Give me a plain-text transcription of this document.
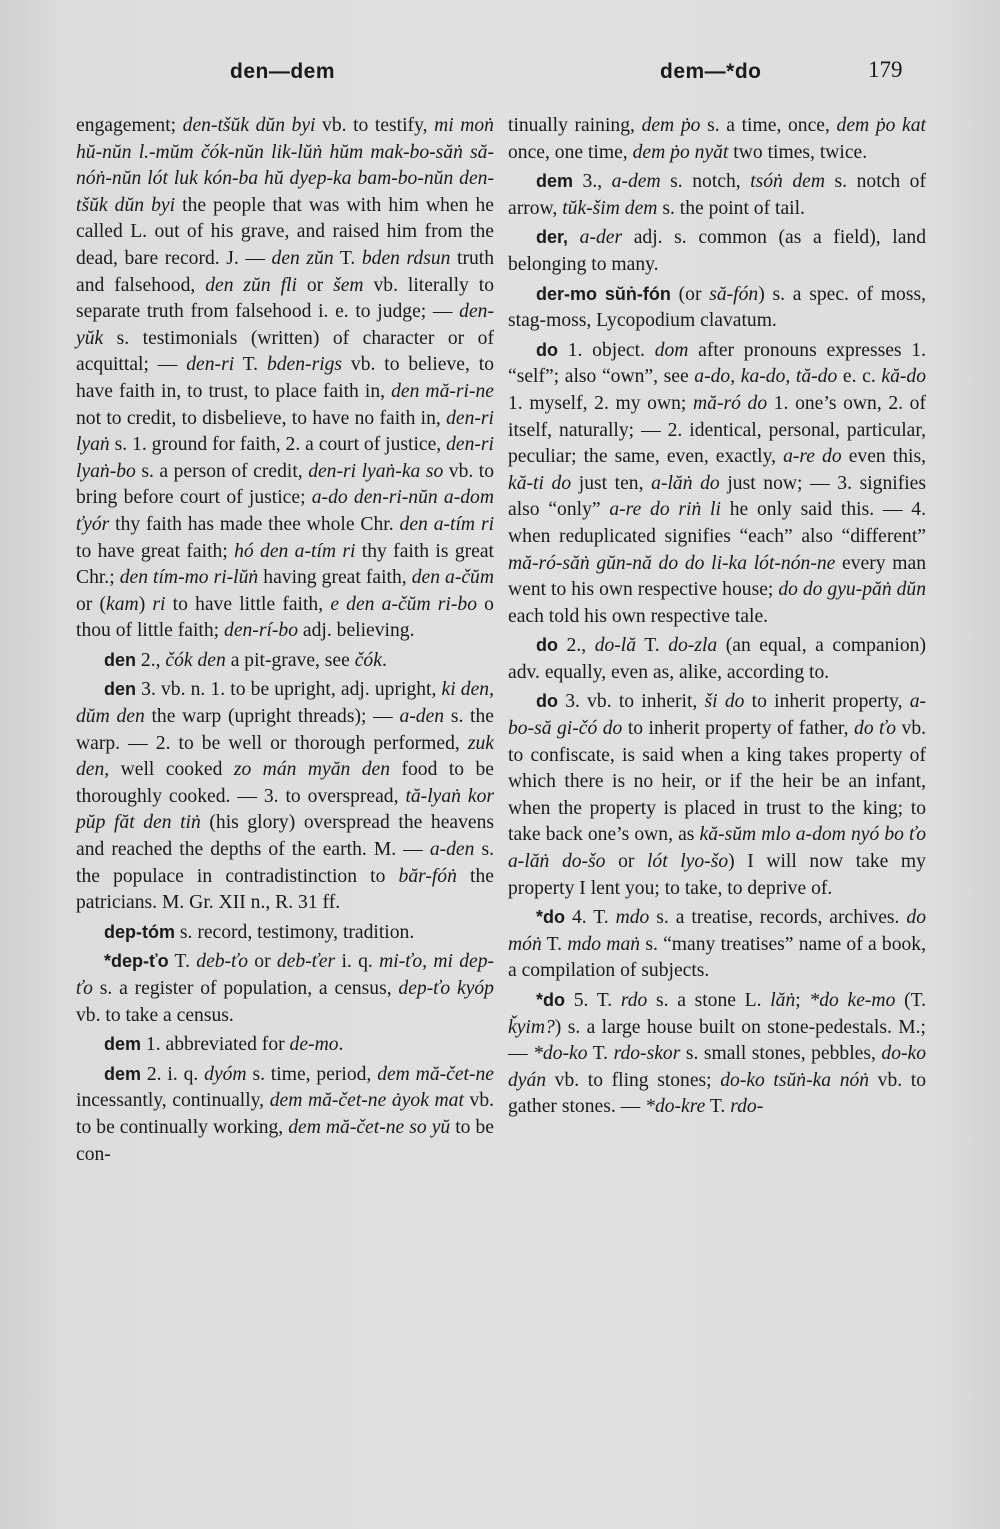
den—dem	dem—*do	179

engagement; den-tšŭk dŭn byi vb. to testify, mi moṅ hŭ-nŭn l.-mŭm čók-nŭn lik-lŭṅ hŭm mak-bo-săṅ să-nóṅ-nŭn lót luk kón-ba hŭ dyep-ka bam-bo-nŭn den-tšŭk dŭn byi the people that was with him when he called L. out of his grave, and raised him from the dead, bare record. J. — den zŭn T. bden rdsun truth and falsehood, den zŭn fli or šem vb. literally to separate truth from falsehood i. e. to judge; — den-yŭk s. testimonials (written) of character or of acquittal; — den-ri T. bden-rigs vb. to believe, to have faith in, to trust, to place faith in, den mă-ri-ne not to credit, to disbelieve, to have no faith in, den-ri lyaṅ s. 1. ground for faith, 2. a court of justice, den-ri lyaṅ-bo s. a person of credit, den-ri lyaṅ-ka so vb. to bring before court of justice; a-do den-ri-nŭn a-dom ťyór thy faith has made thee whole Chr. den a-tím ri to have great faith; hó den a-tím ri thy faith is great Chr.; den tím-mo ri-lŭṅ having great faith, den a-čŭm or (kam) ri to have little faith, e den a-čŭm ri-bo o thou of little faith; den-rí-bo adj. believing.

den 2., čók den a pit-grave, see čók.

den 3. vb. n. 1. to be upright, adj. upright, ki den, dŭm den the warp (upright threads); — a-den s. the warp. — 2. to be well or thorough performed, zuk den, well cooked zo mán myăn den food to be thoroughly cooked. — 3. to overspread, tă-lyaṅ kor pŭp făt den tiṅ (his glory) overspread the heavens and reached the depths of the earth. M. — a-den s. the populace in contradistinction to băr-fóṅ the patricians. M. Gr. XII n., R. 31 ff.

dep-tóm s. record, testimony, tradition.

*dep-ťo T. deb-ťo or deb-ťer i. q. mi-ťo, mi dep-ťo s. a register of population, a census, dep-ťo kyóp vb. to take a census.

dem 1. abbreviated for de-mo.

dem 2. i. q. dyóm s. time, period, dem mă-čet-ne incessantly, continually, dem mă-čet-ne ȧyok mat vb. to be continually working, dem mă-čet-ne so yŭ to be con-

tinually raining, dem ṗo s. a time, once, dem ṗo kat once, one time, dem ṗo nyăt two times, twice.

dem 3., a-dem s. notch, tsóṅ dem s. notch of arrow, tŭk-šim dem s. the point of tail.

der, a-der adj. s. common (as a field), land belonging to many.

der-mo sŭṅ-fón (or să-fón) s. a spec. of moss, stag-moss, Lycopodium clavatum.

do 1. object. dom after pronouns expresses 1. “self”; also “own”, see a-do, ka-do, tă-do e. c. kă-do 1. myself, 2. my own; mă-ró do 1. one’s own, 2. of itself, naturally; — 2. identical, personal, particular, peculiar; the same, even, exactly, a-re do even this, kă-ti do just ten, a-lăṅ do just now; — 3. signifies also “only” a-re do riṅ li he only said this. — 4. when reduplicated signifies “each” also “different” mă-ró-săṅ gŭn-nă do do li-ka lót-nón-ne every man went to his own respective house; do do gyu-păṅ dŭn each told his own respective tale.

do 2., do-lă T. do-zla (an equal, a companion) adv. equally, even as, alike, according to.

do 3. vb. to inherit, ši do to inherit property, a-bo-să gi-čó do to inherit property of father, do ťo vb. to confiscate, is said when a king takes property of which there is no heir, or if the heir be an infant, when the property is placed in trust to the king; to take back one’s own, as kă-sŭm mlo a-dom nyó bo ťo a-lăṅ do-šo or lót lyo-šo) I will now take my property I lent you; to take, to deprive of.

*do 4. T. mdo s. a treatise, records, archives. do móṅ T. mdo maṅ s. “many treatises” name of a book, a compilation of subjects.

*do 5. T. rdo s. a stone L. lăṅ; *do ke-mo (T. ǩyim?) s. a large house built on stone-pedestals. M.; — *do-ko T. rdo-skor s. small stones, pebbles, do-ko dyán vb. to fling stones; do-ko tsŭṅ-ka nóṅ vb. to gather stones. — *do-kre T. rdo-
